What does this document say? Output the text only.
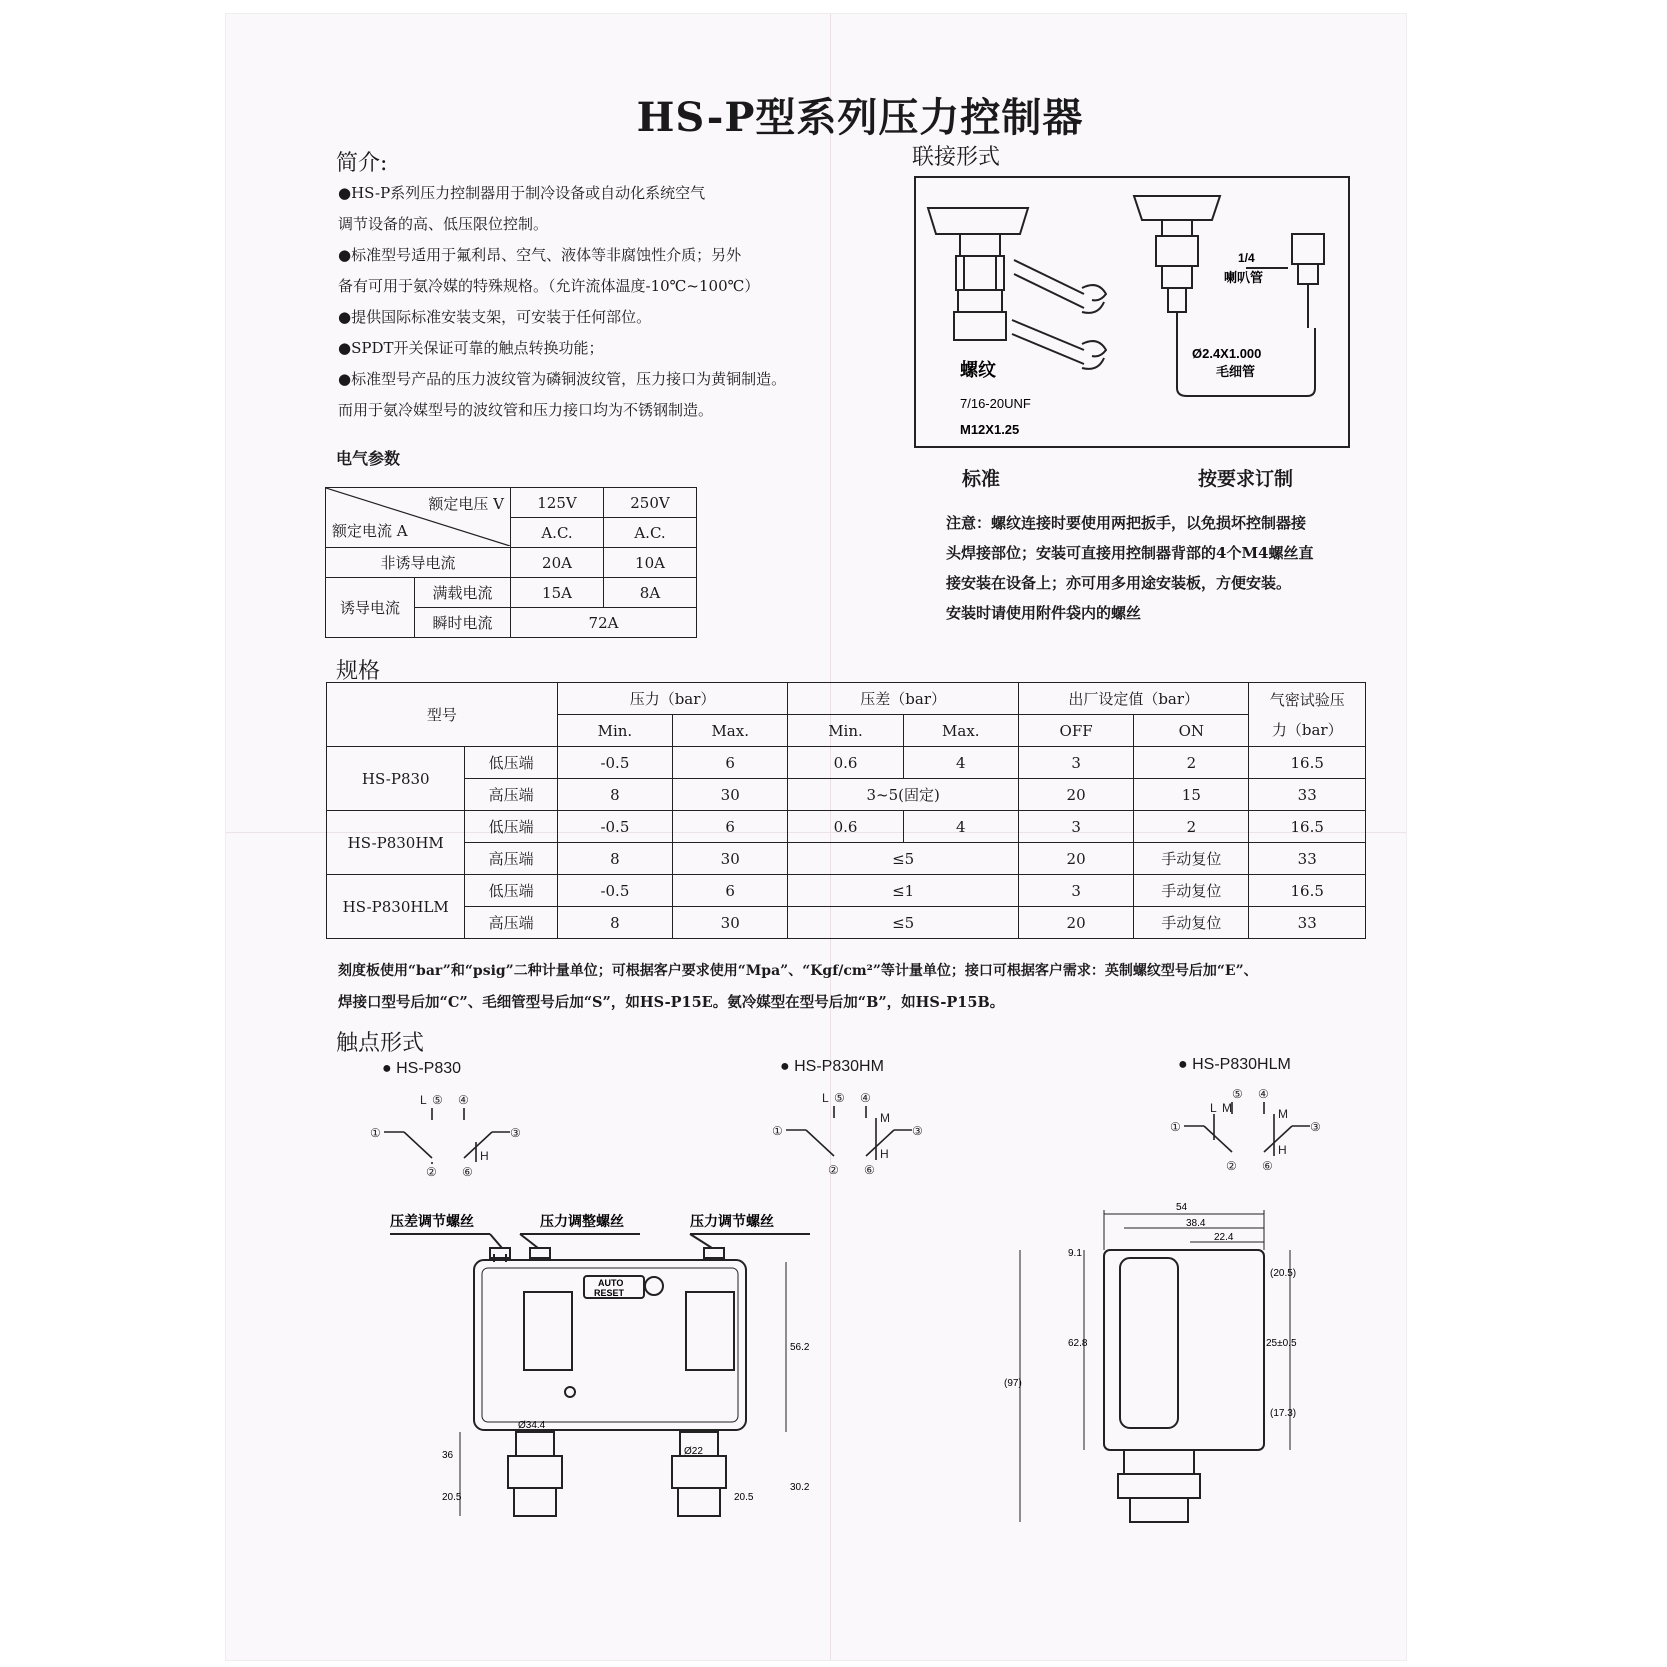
HS-P型系列压力控制器
简介:

●HS-P系列压力控制器用于制冷设备或自动化系统空气

调节设备的高、低压限位控制。

●标准型号适用于氟利昂、空气、液体等非腐蚀性介质；另外

备有可用于氨冷媒的特殊规格。（允许流体温度-10℃~100℃）

●提供国际标准安装支架，可安装于任何部位。

●SPDT开关保证可靠的触点转换功能；

●标准型号产品的压力波纹管为磷铜波纹管，压力接口为黄铜制造。

而用于氨冷媒型号的波纹管和压力接口均为不锈钢制造。

联接形式
1/4
喇叭管
Ø2.4X1.000
毛细管
螺纹
7/16-20UNF
M12X1.25
标准	按要求订制

注意：螺纹连接时要使用两把扳手，以免损坏控制器接

头焊接部位；安装可直接用控制器背部的4个M4螺丝直

接安装在设备上；亦可用多用途安装板，方便安装。

安装时请使用附件袋内的螺丝

电气参数
额定电压 V
额定电流 A		125V	250V
		A.C.	A.C.
非诱导电流		20A	10A
诱导电流	满载电流	15A	8A
	瞬时电流	72A	
规格
型号		压力（bar）		压差（bar）		出厂设定值（bar）		气密试验压
力（bar）

		Min.	Max.	Min.	Max.	OFF	ON	
HS-P830	低压端	-0.5	6	0.6	4	3	2	16.5
	高压端	8	30	3~5(固定)		20	15	33
HS-P830HM	低压端	-0.5	6	0.6	4	3	2	16.5
	高压端	8	30	≤5		20	手动复位	33
HS-P830HLM	低压端	-0.5	6	≤1		3	手动复位	16.5
	高压端	8	30	≤5		20	手动复位	33

刻度板使用“bar”和“psig”二种计量单位；可根据客户要求使用“Mpa”、“Kgf/cm²”等计量单位；接口可根据客户需求：英制螺纹型号后加“E”、

焊接口型号后加“C”、毛细管型号后加“S”，如HS-P15E。氨冷媒型在型号后加“B”，如HS-P15B。

触点形式
● HS-P830	● HS-P830HM	● HS-P830HLM
①
②
③
④
⑤
⑥
L
H
①
②
③
④
⑤
⑥
L
H
M
①
②
③
④
⑤
⑥
L
H
M	M
压差调节螺丝	压力调整螺丝	压力调节螺丝
AUTO
RESET
Ø34.4
Ø22
56.2
36
20.5	20.5
30.2
54
38.4
22.4
9.1
62.8
(97)
(20.5)
25±0.5
(17.3)
